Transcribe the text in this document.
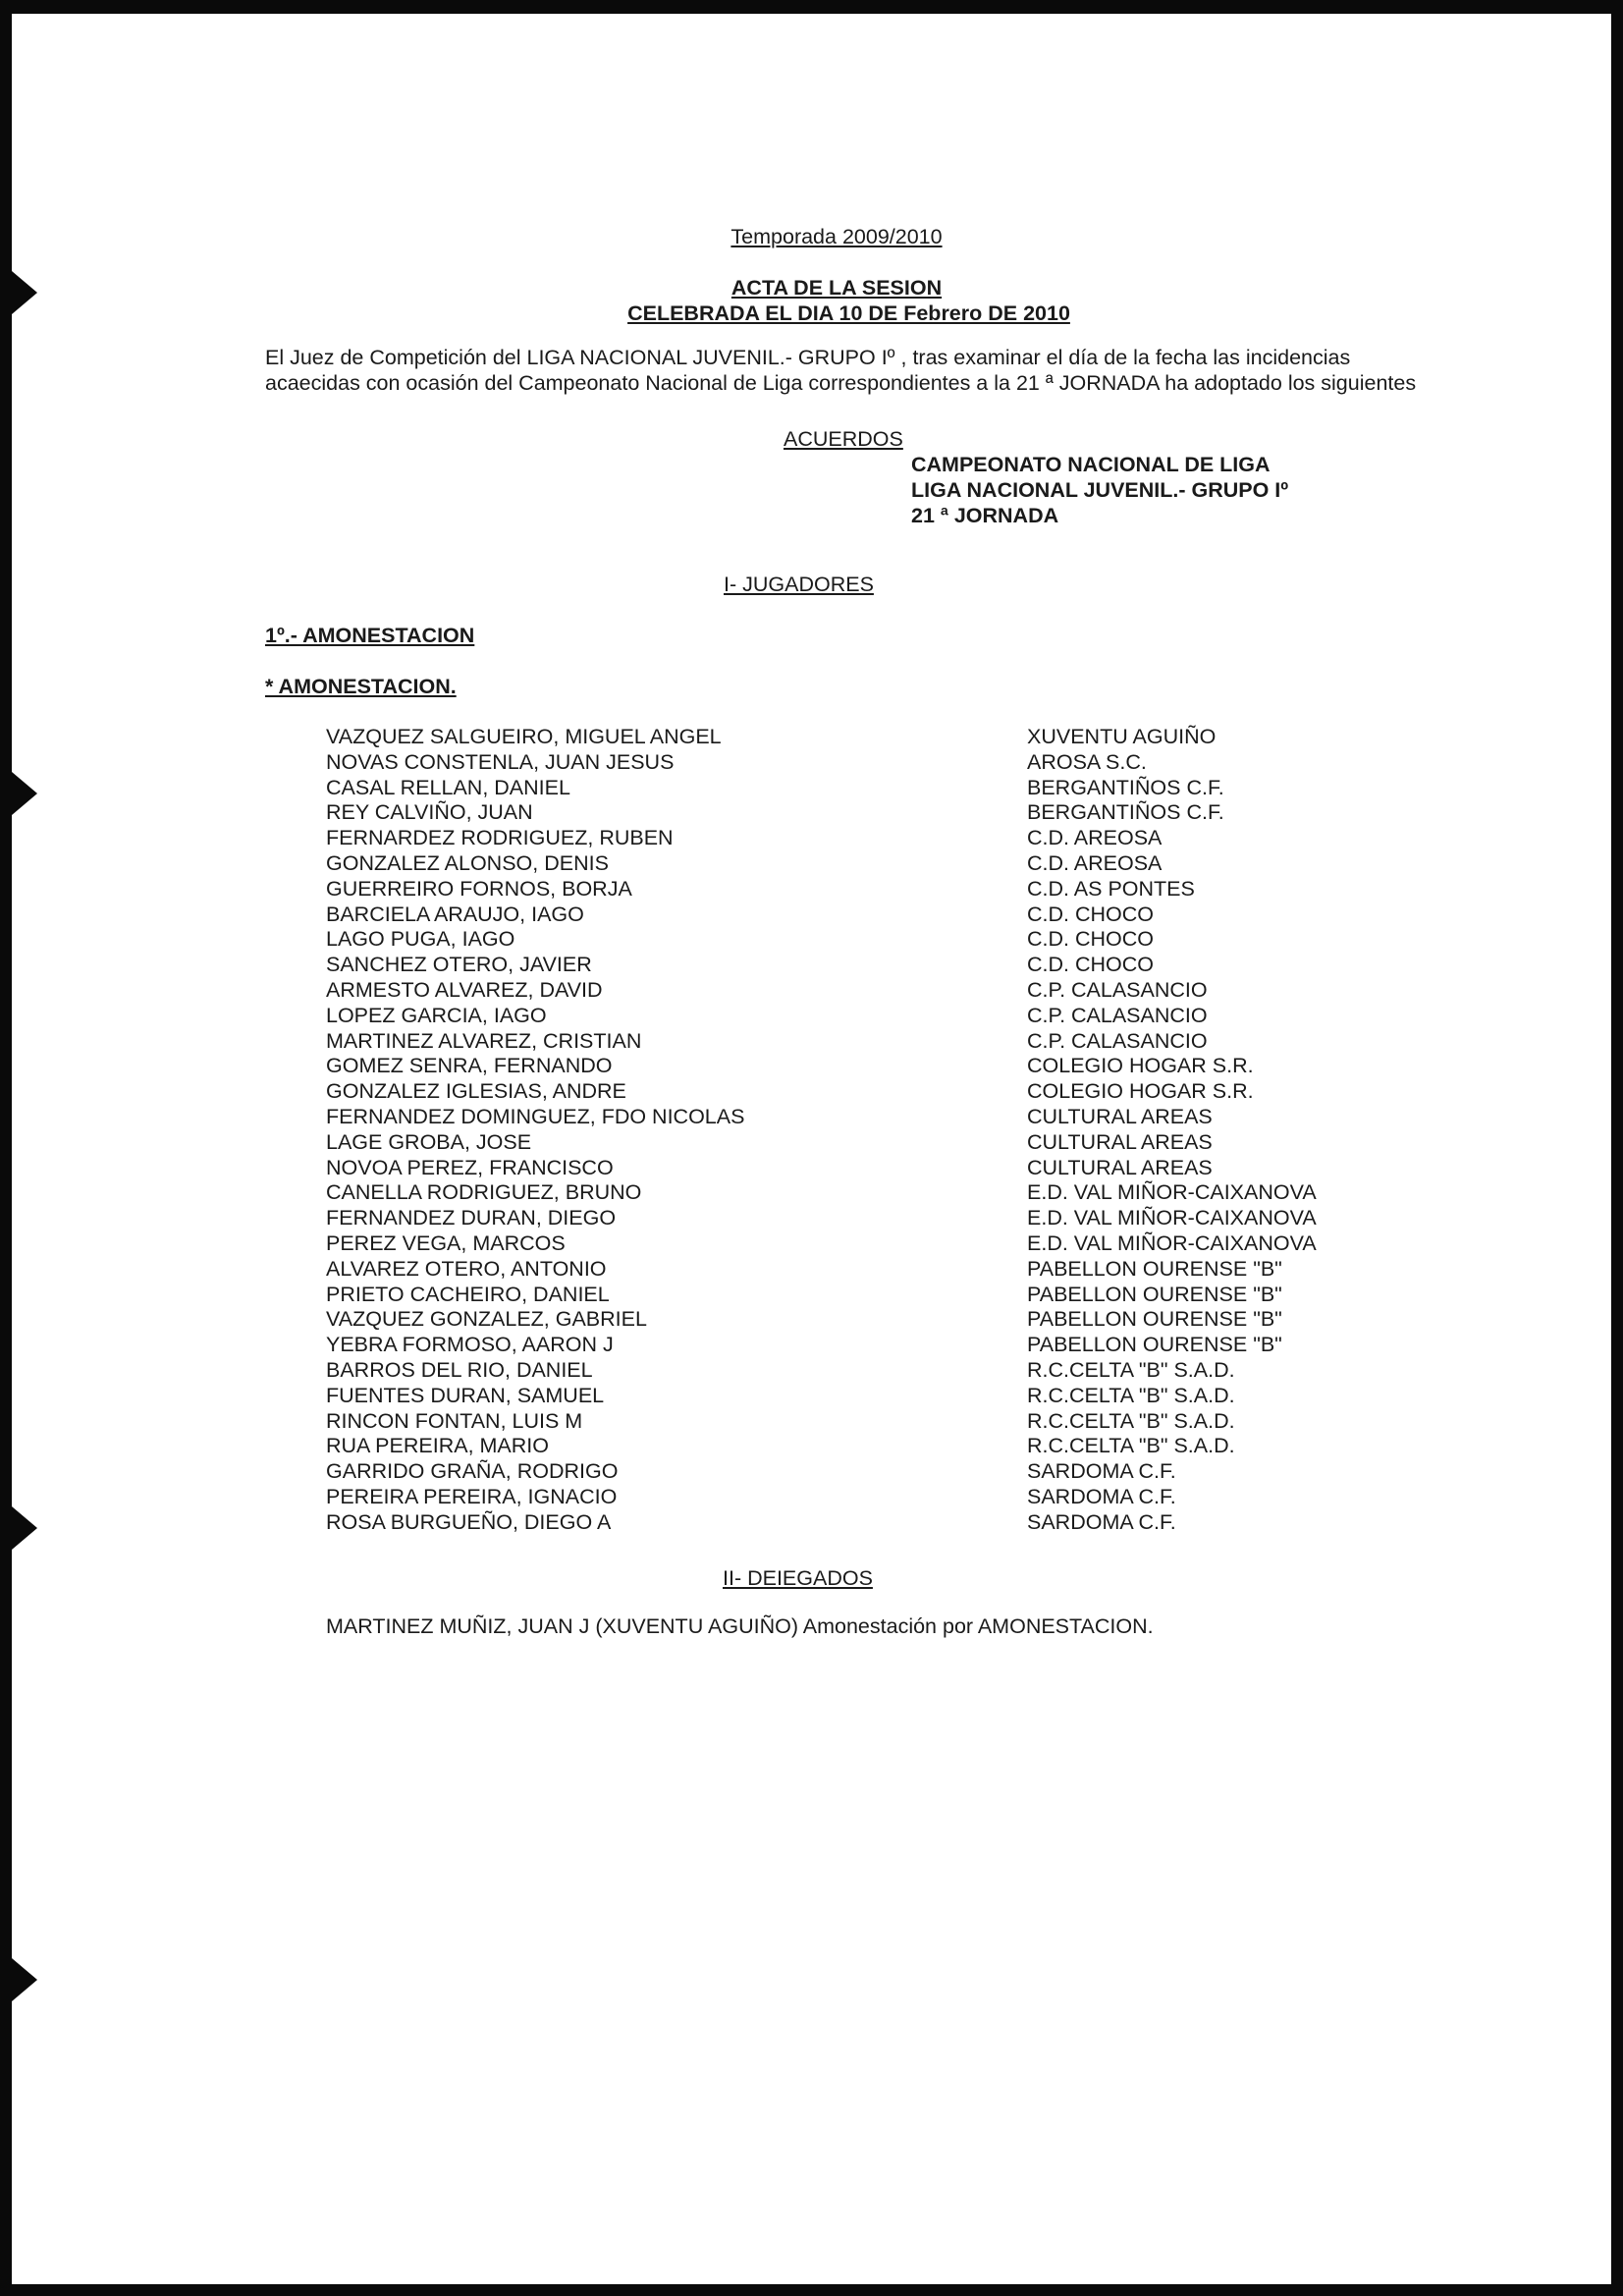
Temporada 2009/2010
ACTA DE LA SESION
CELEBRADA EL DIA 10 DE Febrero DE 2010
El Juez de Competición del LIGA NACIONAL JUVENIL.- GRUPO Iº , tras examinar el día de la fecha las incidencias
acaecidas con ocasión del Campeonato Nacional de Liga correspondientes a la 21 ª JORNADA ha adoptado los siguientes
ACUERDOS
CAMPEONATO NACIONAL DE LIGA
LIGA NACIONAL JUVENIL.- GRUPO Iº
21 ª JORNADA
I- JUGADORES
1º.- AMONESTACION
* AMONESTACION.
VAZQUEZ SALGUEIRO, MIGUEL ANGEL
NOVAS CONSTENLA, JUAN JESUS
CASAL RELLAN, DANIEL
REY CALVIÑO, JUAN
FERNARDEZ RODRIGUEZ, RUBEN
GONZALEZ ALONSO, DENIS
GUERREIRO FORNOS, BORJA
BARCIELA ARAUJO, IAGO
LAGO PUGA, IAGO
SANCHEZ OTERO, JAVIER
ARMESTO ALVAREZ, DAVID
LOPEZ GARCIA, IAGO
MARTINEZ ALVAREZ, CRISTIAN
GOMEZ SENRA, FERNANDO
GONZALEZ IGLESIAS, ANDRE
FERNANDEZ DOMINGUEZ, FDO NICOLAS
LAGE GROBA, JOSE
NOVOA PEREZ, FRANCISCO
CANELLA RODRIGUEZ, BRUNO
FERNANDEZ DURAN, DIEGO
PEREZ VEGA, MARCOS
ALVAREZ OTERO, ANTONIO
PRIETO CACHEIRO, DANIEL
VAZQUEZ GONZALEZ, GABRIEL
YEBRA FORMOSO, AARON J
BARROS DEL RIO, DANIEL
FUENTES DURAN, SAMUEL
RINCON FONTAN, LUIS M
RUA PEREIRA, MARIO
GARRIDO GRAÑA, RODRIGO
PEREIRA PEREIRA, IGNACIO
ROSA BURGUEÑO, DIEGO A
XUVENTU AGUIÑO
AROSA S.C.
BERGANTIÑOS C.F.
BERGANTIÑOS C.F.
C.D. AREOSA
C.D. AREOSA
C.D. AS PONTES
C.D. CHOCO
C.D. CHOCO
C.D. CHOCO
C.P. CALASANCIO
C.P. CALASANCIO
C.P. CALASANCIO
COLEGIO HOGAR S.R.
COLEGIO HOGAR S.R.
CULTURAL AREAS
CULTURAL AREAS
CULTURAL AREAS
E.D. VAL MIÑOR-CAIXANOVA
E.D. VAL MIÑOR-CAIXANOVA
E.D. VAL MIÑOR-CAIXANOVA
PABELLON OURENSE "B"
PABELLON OURENSE "B"
PABELLON OURENSE "B"
PABELLON OURENSE "B"
R.C.CELTA "B" S.A.D.
R.C.CELTA "B" S.A.D.
R.C.CELTA "B" S.A.D.
R.C.CELTA "B" S.A.D.
SARDOMA C.F.
SARDOMA C.F.
SARDOMA C.F.
II- DEIEGADOS
MARTINEZ MUÑIZ, JUAN J (XUVENTU AGUIÑO) Amonestación por AMONESTACION.
